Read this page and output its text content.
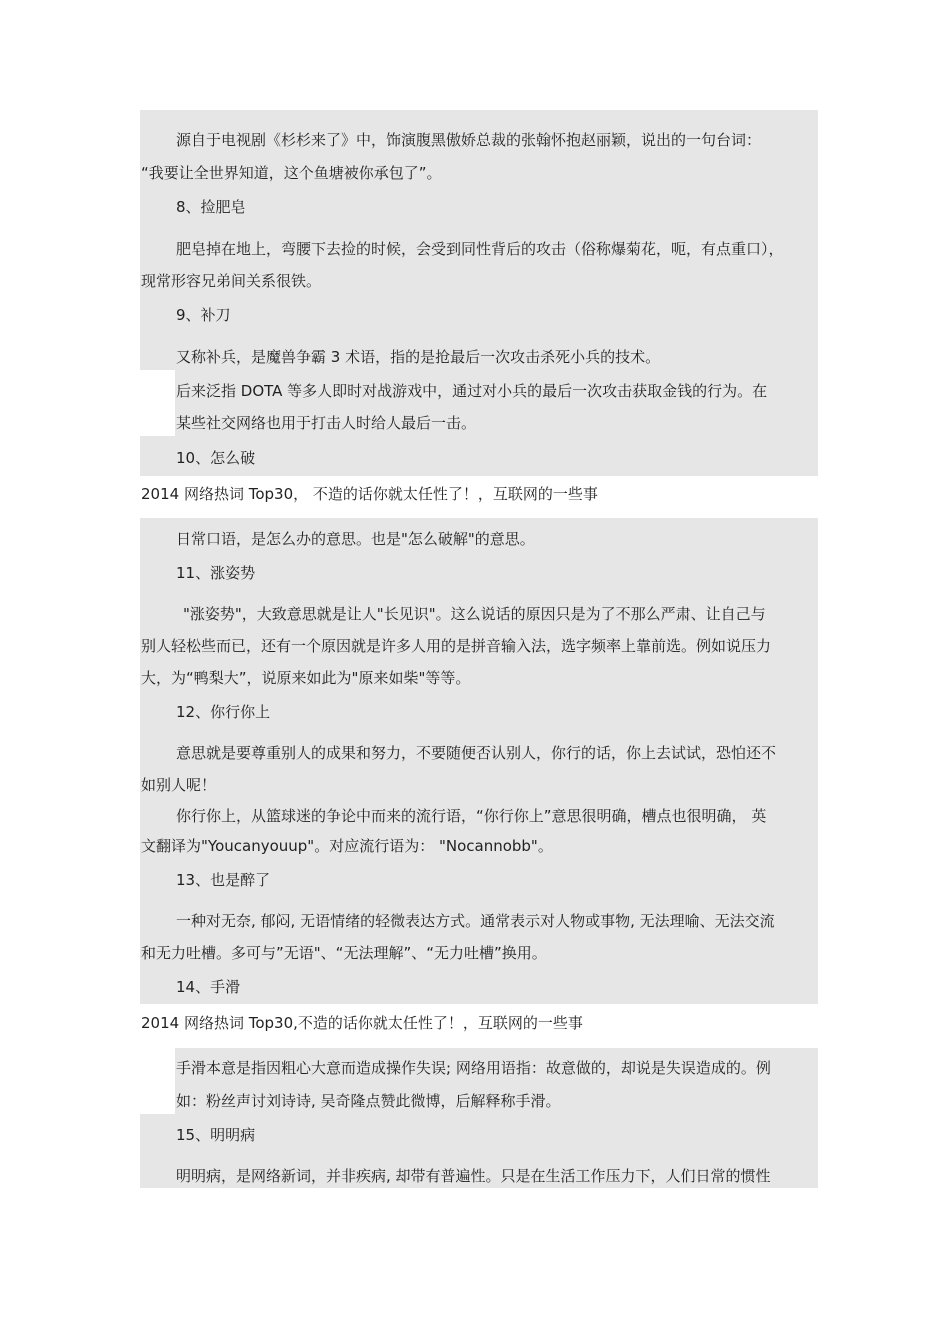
源自于电视剧《杉杉来了》中，饰演腹黑傲娇总裁的张翰怀抱赵丽颖，说出的一句台词：
“我要让全世界知道，这个鱼塘被你承包了”。
8、捡肥皂
肥皂掉在地上，弯腰下去捡的时候，会受到同性背后的攻击（俗称爆菊花，呃，有点重口），
现常形容兄弟间关系很铁。
9、补刀
又称补兵，是魔兽争霸 3 术语，指的是抢最后一次攻击杀死小兵的技术。
后来泛指 DOTA 等多人即时对战游戏中，通过对小兵的最后一次攻击获取金钱的行为。在
某些社交网络也用于打击人时给人最后一击。
10、怎么破
2014 网络热词 Top30， 不造的话你就太任性了！，互联网的一些事
日常口语，是怎么办的意思。也是"怎么破解"的意思。
11、涨姿势
"涨姿势"，大致意思就是让人"长见识"。这么说话的原因只是为了不那么严肃、让自己与
别人轻松些而已，还有一个原因就是许多人用的是拼音输入法，选字频率上靠前选。例如说压力
大，为“鸭梨大”，说原来如此为"原来如柴"等等。
12、你行你上
意思就是要尊重别人的成果和努力，不要随便否认别人，你行的话，你上去试试，恐怕还不
如别人呢！
你行你上，从篮球迷的争论中而来的流行语，“你行你上”意思很明确，槽点也很明确， 英
文翻译为"Youcanyouup"。对应流行语为： "Nocannobb"。
13、也是醉了
一种对无奈, 郁闷, 无语情绪的轻微表达方式。通常表示对人物或事物, 无法理喻、无法交流
和无力吐槽。多可与”无语"、“无法理解”、“无力吐槽”换用。
14、手滑
2014 网络热词 Top30,不造的话你就太任性了！，互联网的一些事
手滑本意是指因粗心大意而造成操作失误; 网络用语指：故意做的，却说是失误造成的。例
如：粉丝声讨刘诗诗, 吴奇隆点赞此微博，后解释称手滑。
15、明明病
明明病，是网络新词，并非疾病, 却带有普遍性。只是在生活工作压力下，人们日常的惯性
